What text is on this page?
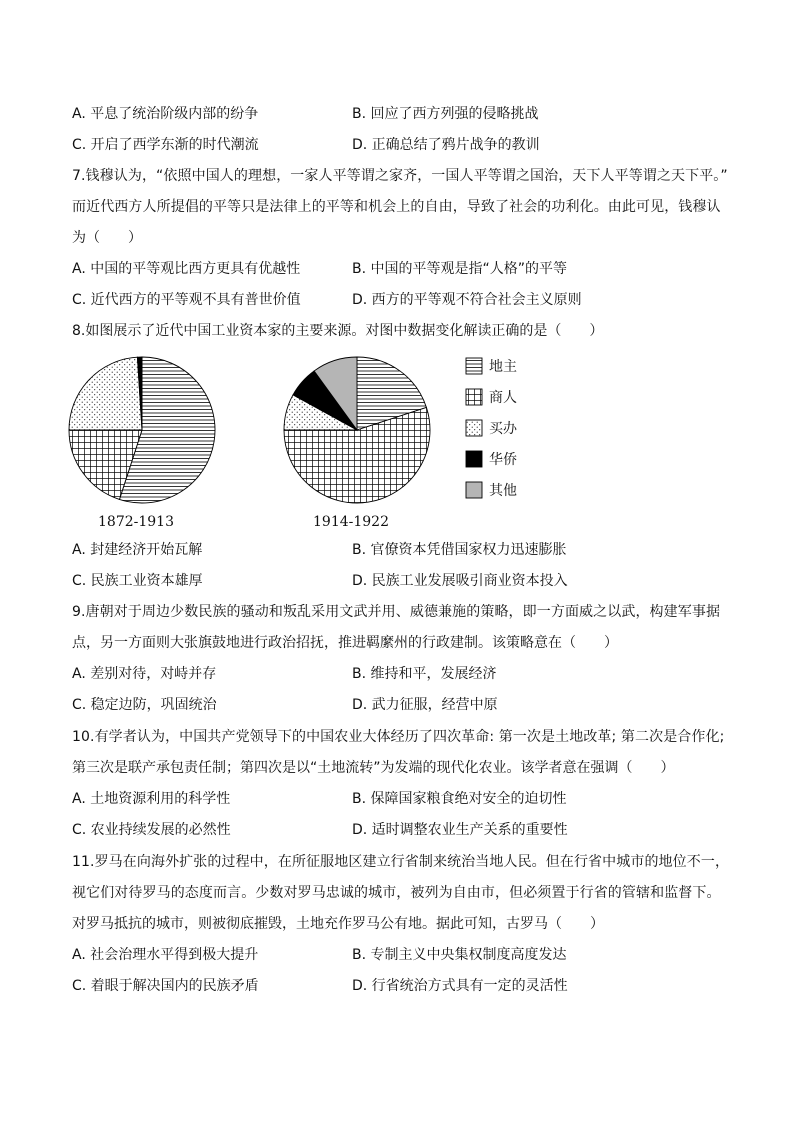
A. 平息了统治阶级内部的纷争	B. 回应了西方列强的侵略挑战
C. 开启了西学东渐的时代潮流	D. 正确总结了鸦片战争的教训
7.钱穆认为，“依照中国人的理想，一家人平等谓之家齐，一国人平等谓之国治，天下人平等谓之天下平。”
而近代西方人所提倡的平等只是法律上的平等和机会上的自由，导致了社会的功利化。由此可见，钱穆认
为（　　）
A. 中国的平等观比西方更具有优越性	B. 中国的平等观是指“人格”的平等
C. 近代西方的平等观不具有普世价值	D. 西方的平等观不符合社会主义原则
8.如图展示了近代中国工业资本家的主要来源。对图中数据变化解读正确的是（　　）
1872-1913	1914-1922
地主
商人
买办
华侨
其他
A. 封建经济开始瓦解	B. 官僚资本凭借国家权力迅速膨胀
C. 民族工业资本雄厚	D. 民族工业发展吸引商业资本投入
9.唐朝对于周边少数民族的骚动和叛乱采用文武并用、威德兼施的策略，即一方面威之以武，构建军事据
点，另一方面则大张旗鼓地进行政治招抚，推进羁縻州的行政建制。该策略意在（　　）
A. 差别对待，对峙并存	B. 维持和平，发展经济
C. 稳定边防，巩固统治	D. 武力征服，经营中原
10.有学者认为，中国共产党领导下的中国农业大体经历了四次革命: 第一次是土地改革; 第二次是合作化;
第三次是联产承包责任制；第四次是以“土地流转”为发端的现代化农业。该学者意在强调（　　）
A. 土地资源利用的科学性	B. 保障国家粮食绝对安全的迫切性
C. 农业持续发展的必然性	D. 适时调整农业生产关系的重要性
11.罗马在向海外扩张的过程中，在所征服地区建立行省制来统治当地人民。但在行省中城市的地位不一，
视它们对待罗马的态度而言。少数对罗马忠诚的城市，被列为自由市，但必须置于行省的管辖和监督下。
对罗马抵抗的城市，则被彻底摧毁，土地充作罗马公有地。据此可知，古罗马（　　）
A. 社会治理水平得到极大提升	B. 专制主义中央集权制度高度发达
C. 着眼于解决国内的民族矛盾	D. 行省统治方式具有一定的灵活性
